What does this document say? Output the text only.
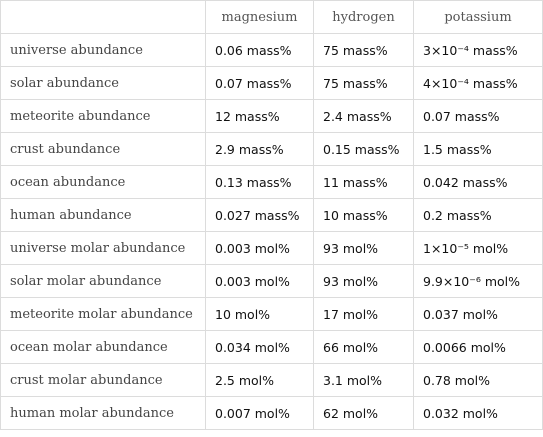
	magnesium	hydrogen	potassium
universe abundance	0.06 mass%	75 mass%	3×10⁻⁴ mass%
solar abundance	0.07 mass%	75 mass%	4×10⁻⁴ mass%
meteorite abundance	12 mass%	2.4 mass%	0.07 mass%
crust abundance	2.9 mass%	0.15 mass%	1.5 mass%
ocean abundance	0.13 mass%	11 mass%	0.042 mass%
human abundance	0.027 mass%	10 mass%	0.2 mass%
universe molar abundance	0.003 mol%	93 mol%	1×10⁻⁵ mol%
solar molar abundance	0.003 mol%	93 mol%	9.9×10⁻⁶ mol%
meteorite molar abundance	10 mol%	17 mol%	0.037 mol%
ocean molar abundance	0.034 mol%	66 mol%	0.0066 mol%
crust molar abundance	2.5 mol%	3.1 mol%	0.78 mol%
human molar abundance	0.007 mol%	62 mol%	0.032 mol%
